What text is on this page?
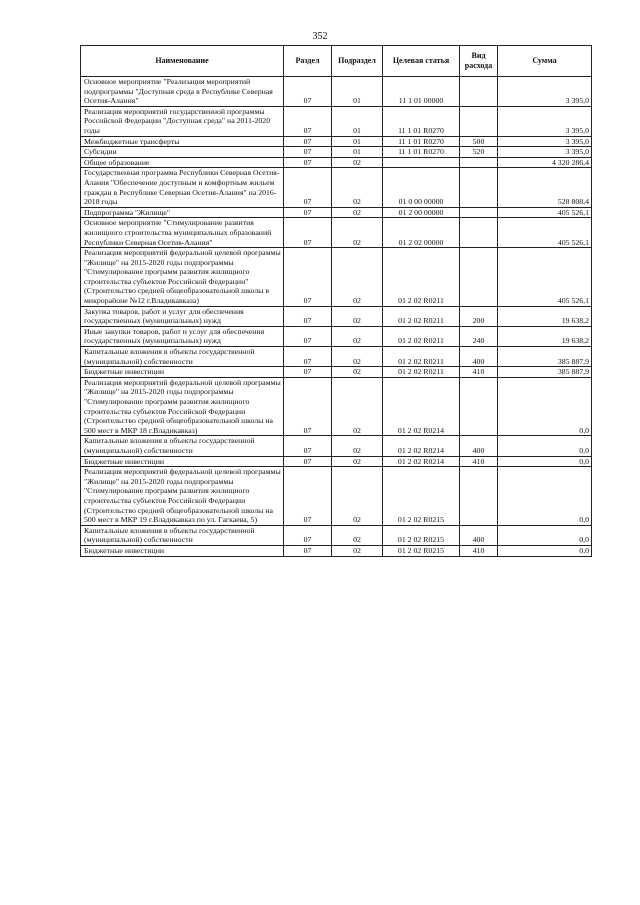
352
Наименование	Раздел	Подраздел	Целевая статья	Вид расхода	Сумма
Основное мероприятие "Реализация мероприятий подпрограммы "Доступная среда в Республике Северная Осетия-Алания"	07	01	11 1 01 00000		3 395,0
Реализация мероприятий государственной программы Российской Федерации "Доступная среда" на 2011-2020 годы	07	01	11 1 01 R0270		3 395,0
Межбюджетные трансферты	07	01	11 1 01 R0270	500	3 395,0
Субсидии	07	01	11 1 01 R0270	520	3 395,0
Общее образование	07	02			4 320 286,4
Государственная программа Республики Северная Осетия-Алания "Обеспечение доступным и комфортным жильем граждан в Республике Северная Осетия-Алания" на 2016-2018 годы	07	02	01 0 00 00000		528 808,4
Подпрограмма "Жилище"	07	02	01 2 00 00000		405 526,1
Основное мероприятие "Стимулирование развития жилищного строительства муниципальных образований Республики Северная Осетия-Алания"	07	02	01 2 02 00000		405 526,1
Реализация мероприятий федеральной целевой программы "Жилище" на 2015-2020 годы подпрограммы "Стимулирование программ развития жилищного строительства субъектов Российской Федерации" (Строительство средней общеобразовательной школы в микрорайоне №12 г.Владикавказа)	07	02	01 2 02 R0211		405 526,1
Закупка товаров, работ и услуг для обеспечения государственных (муниципальных) нужд	07	02	01 2 02 R0211	200	19 638,2
Иные закупки товаров, работ и услуг для обеспечения государственных (муниципальных) нужд	07	02	01 2 02 R0211	240	19 638,2
Капитальные вложения в объекты государственной (муниципальной) собственности	07	02	01 2 02 R0211	400	385 887,9
Бюджетные инвестиции	07	02	01 2 02 R0211	410	385 887,9
Реализация мероприятий федеральной целевой программы "Жилище" на 2015-2020 годы подпрограммы "Стимулирование программ развития жилищного строительства субъектов Российской Федерации (Строительство средней общеобразовательной школы на 500 мест в МКР 18 г.Владикавказ)	07	02	01 2 02 R0214		0,0
Капитальные вложения в объекты государственной (муниципальной) собственности	07	02	01 2 02 R0214	400	0,0
Бюджетные инвестиции	07	02	01 2 02 R0214	410	0,0
Реализация мероприятий федеральной целевой программы "Жилище" на 2015-2020 годы подпрограммы "Стимулирование программ развития жилищного строительства субъектов Российской Федерации (Строительство средней общеобразовательной школы на 500 мест в МКР 19 г.Владикавказ по ул. Гагкаева, 5)	07	02	01 2 02 R0215		0,0
Капитальные вложения в объекты государственной (муниципальной) собственности	07	02	01 2 02 R0215	400	0,0
Бюджетные инвестиции	07	02	01 2 02 R0215	410	0,0
